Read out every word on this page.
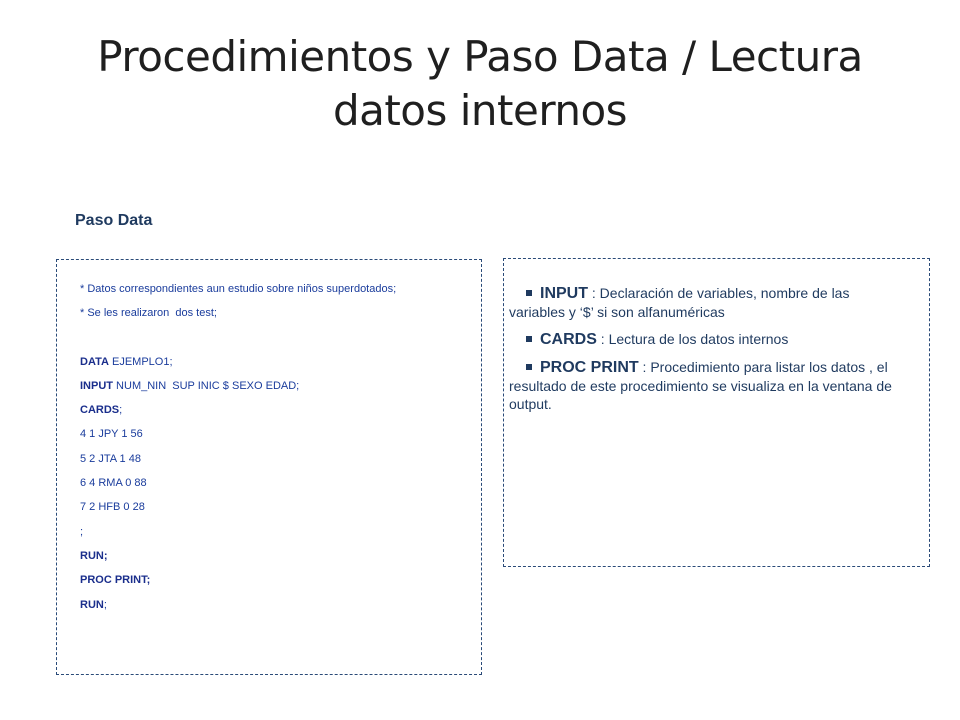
Procedimientos y Paso Data / Lectura
datos internos
Paso Data
* Datos correspondientes aun estudio sobre niños superdotados;
* Se les realizaron  dos test;
DATA EJEMPLO1;
INPUT NUM_NIN  SUP INIC $ SEXO EDAD;
CARDS;
4 1 JPY 1 56
5 2 JTA 1 48
6 4 RMA 0 88
7 2 HFB 0 28
;
RUN;
PROC PRINT;
RUN;
INPUT : Declaración de variables, nombre de las variables y ‘$’ si son alfanuméricas
CARDS : Lectura de los datos internos
PROC PRINT : Procedimiento para listar los datos , el resultado de este procedimiento se visualiza en la ventana de output.
